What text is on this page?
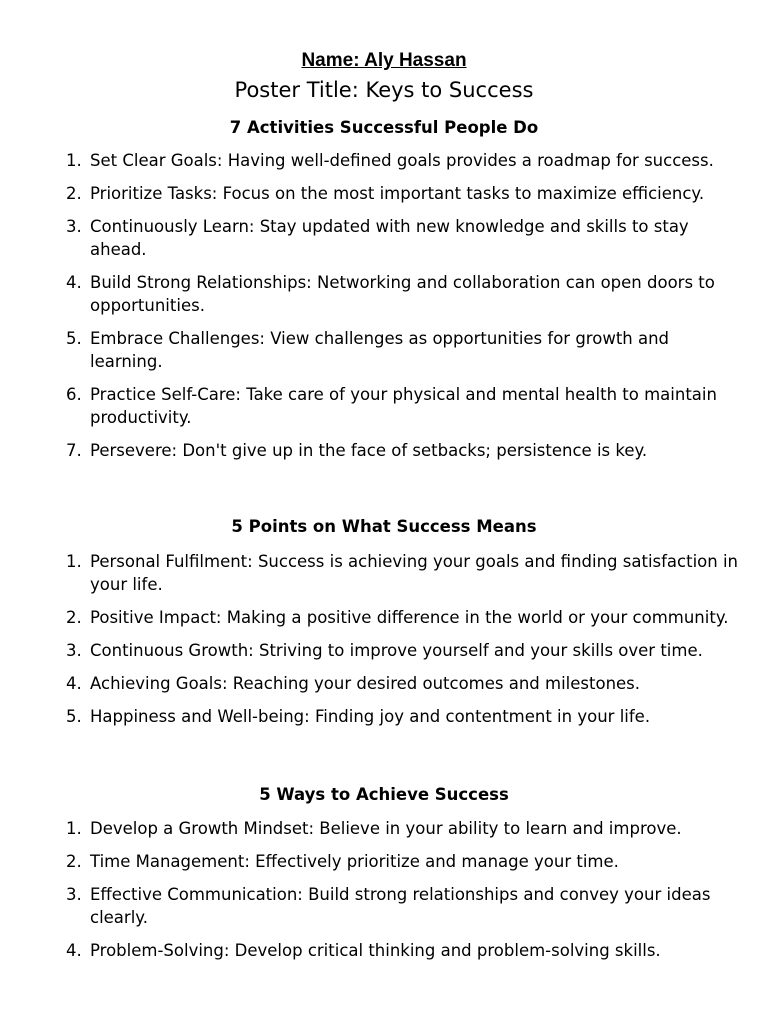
Name: Aly Hassan
Poster Title: Keys to Success
7 Activities Successful People Do
1. Set Clear Goals: Having well-defined goals provides a roadmap for success.
2. Prioritize Tasks: Focus on the most important tasks to maximize efficiency.
3. Continuously Learn: Stay updated with new knowledge and skills to stay ahead.
4. Build Strong Relationships: Networking and collaboration can open doors to opportunities.
5. Embrace Challenges: View challenges as opportunities for growth and learning.
6. Practice Self-Care: Take care of your physical and mental health to maintain productivity.
7. Persevere: Don't give up in the face of setbacks; persistence is key.
5 Points on What Success Means
1. Personal Fulfilment: Success is achieving your goals and finding satisfaction in your life.
2. Positive Impact: Making a positive difference in the world or your community.
3. Continuous Growth: Striving to improve yourself and your skills over time.
4. Achieving Goals: Reaching your desired outcomes and milestones.
5. Happiness and Well-being: Finding joy and contentment in your life.
5 Ways to Achieve Success
1. Develop a Growth Mindset: Believe in your ability to learn and improve.
2. Time Management: Effectively prioritize and manage your time.
3. Effective Communication: Build strong relationships and convey your ideas clearly.
4. Problem-Solving: Develop critical thinking and problem-solving skills.
